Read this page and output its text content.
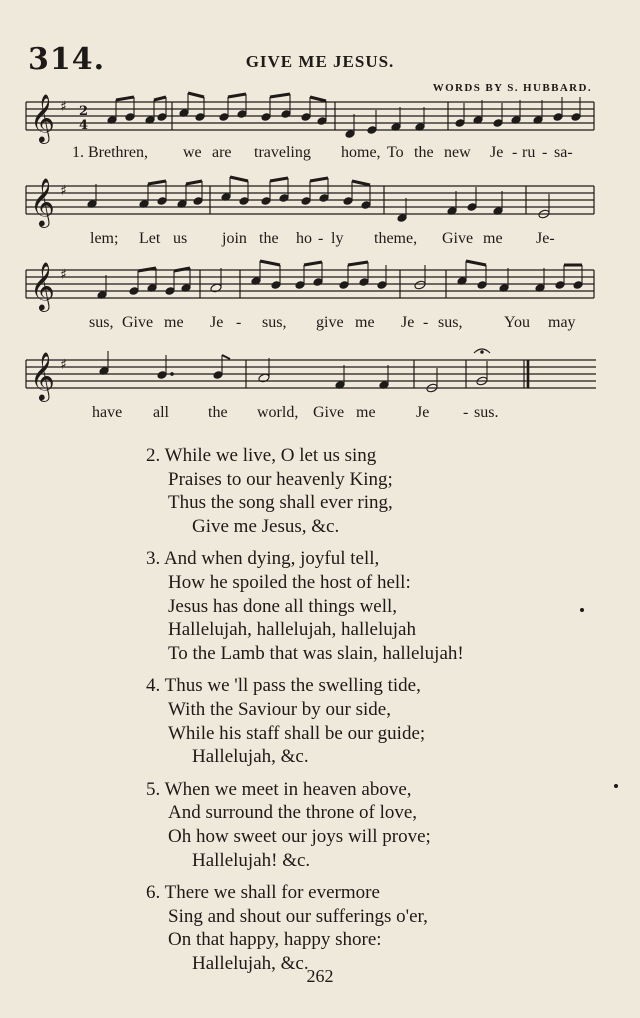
314.	GIVE ME JESUS.
WORDS BY S. HUBBARD.
𝄞 ♯ 2
4
1. Brethren, we are traveling home, To the new Je - ru - sa-
𝄞 ♯
lem; Let us join the ho - ly theme, Give me Je-
𝄞 ♯
sus, Give me Je - sus, give me Je - sus,	You may
𝄞 ♯
have all the world, Give me	Je - sus.
2. While we live, O let us sing
Praises to our heavenly King;
Thus the song shall ever ring,
Give me Jesus, &c.
3. And when dying, joyful tell,
How he spoiled the host of hell:
Jesus has done all things well,
Hallelujah, hallelujah, hallelujah
To the Lamb that was slain, hallelujah!
4. Thus we 'll pass the swelling tide,
With the Saviour by our side,
While his staff shall be our guide;
Hallelujah, &c.
5. When we meet in heaven above,
And surround the throne of love,
Oh how sweet our joys will prove;
Hallelujah! &c.
6. There we shall for evermore
Sing and shout our sufferings o'er,
On that happy, happy shore:
Hallelujah, &c.
262
